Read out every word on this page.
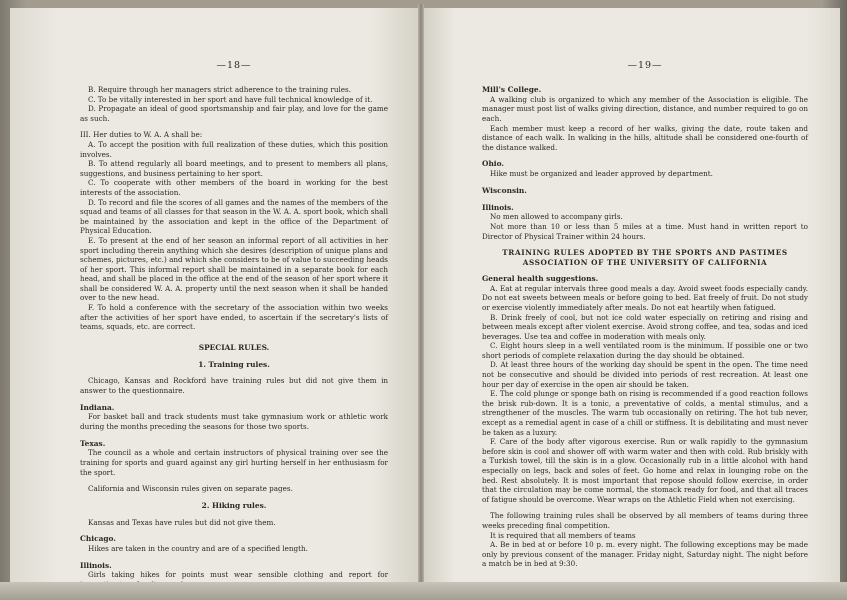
—18—

B. Require through her managers strict adherence to the training rules.

C. To be vitally interested in her sport and have full technical knowledge of it.

D. Propagate an ideal of good sportsmanship and fair play, and love for the game as such.

III. Her duties to W. A. A shall be:

A. To accept the position with full realization of these duties, which this position involves.

B. To attend regularly all board meetings, and to present to members all plans, suggestions, and business pertaining to her sport.

C. To cooperate with other members of the board in working for the best interests of the association.

D. To record and file the scores of all games and the names of the members of the squad and teams of all classes for that season in the W. A. A. sport book, which shall be maintained by the association and kept in the office of the Department of Physical Education.

E. To present at the end of her season an informal report of all activities in her sport including therein anything which she desires (description of unique plans and schemes, pictures, etc.) and which she considers to be of value to succeeding heads of her sport. This informal report shall be maintained in a separate book for each head, and shall be placed in the office at the end of the season of her sport where it shall be considered W. A. A. property until the next season when it shall be handed over to the new head.

F. To hold a conference with the secretary of the association within two weeks after the activities of her sport have ended, to ascertain if the secretary's lists of teams, squads, etc. are correct.

SPECIAL RULES.

1. Training rules.

Chicago, Kansas and Rockford have training rules but did not give them in answer to the questionnaire.

Indiana.

For basket ball and track students must take gymnasium work or athletic work during the months preceding the seasons for those two sports.

Texas.

The council as a whole and certain instructors of physical training over see the training for sports and guard against any girl hurting herself in her enthusiasm for the sport.

California and Wisconsin rules given on separate pages.

2. Hiking rules.

Kansas and Texas have rules but did not give them.

Chicago.

Hikes are taken in the country and are of a specified length.

Illinois.

Girls taking hikes for points must wear sensible clothing and report for

—19—

Mill's College.

A walking club is organized to which any member of the Association is eligible. The manager must post list of walks giving direction, distance, and number required to go on each.

Each member must keep a record of her walks, giving the date, route taken and distance of each walk. In walking in the hills, altitude shall be considered one-fourth of the distance walked.

Ohio.

Hike must be organized and leader approved by department.

Wisconsin.

Illinois.

No men allowed to accompany girls.

Not more than 10 or less than 5 miles at a time. Must hand in written report to Director of Physical Trainer within 24 hours.

TRAINING RULES ADOPTED BY THE SPORTS AND PASTIMES

ASSOCIATION OF THE UNIVERSITY OF CALIFORNIA

General health suggestions.

A. Eat at regular intervals three good meals a day. Avoid sweet foods especially candy. Do not eat sweets between meals or before going to bed. Eat freely of fruit. Do not study or exercise violently immediately after meals. Do not eat heartily when fatigued.

B. Drink freely of cool, but not ice cold water especially on retiring and rising and between meals except after violent exercise. Avoid strong coffee, and tea, sodas and iced beverages. Use tea and coffee in moderation with meals only.

C. Eight hours sleep in a well ventilated room is the minimum. If possible one or two short periods of complete relaxation during the day should be obtained.

D. At least three hours of the working day should be spent in the open. The time need not be consecutive and should be divided into periods of rest recreation. At least one hour per day of exercise in the open air should be taken.

E. The cold plunge or sponge bath on rising is recommended if a good reaction follows the brisk rub-down. It is a tonic, a preventative of colds, a mental stimulus, and a strengthener of the muscles. The warm tub occasionally on retiring. The hot tub never, except as a remedial agent in case of a chill or stiffness. It is debilitating and must never be taken as a luxury.

F. Care of the body after vigorous exercise. Run or walk rapidly to the gymnasium before skin is cool and shower off with warm water and then with cold. Rub briskly with a Turkish towel, till the skin is in a glow. Occasionally rub in a little alcohol with hand especially on legs, back and soles of feet. Go home and relax in lounging robe on the bed. Rest absolutely. It is most important that repose should follow exercise, in order that the circulation may be come normal, the stomack ready for food, and that all traces of fatigue should be overcome. Wear wraps on the Athletic Field when not exercising.

The following training rules shall be observed by all members of teams during three weeks preceding final competition.

It is required that all members of teams

A. Be in bed at or before 10 p. m. every night. The following exceptions may be made only by previous consent of the manager. Friday night, Saturday night. The night before a match be in bed at 9:30.
